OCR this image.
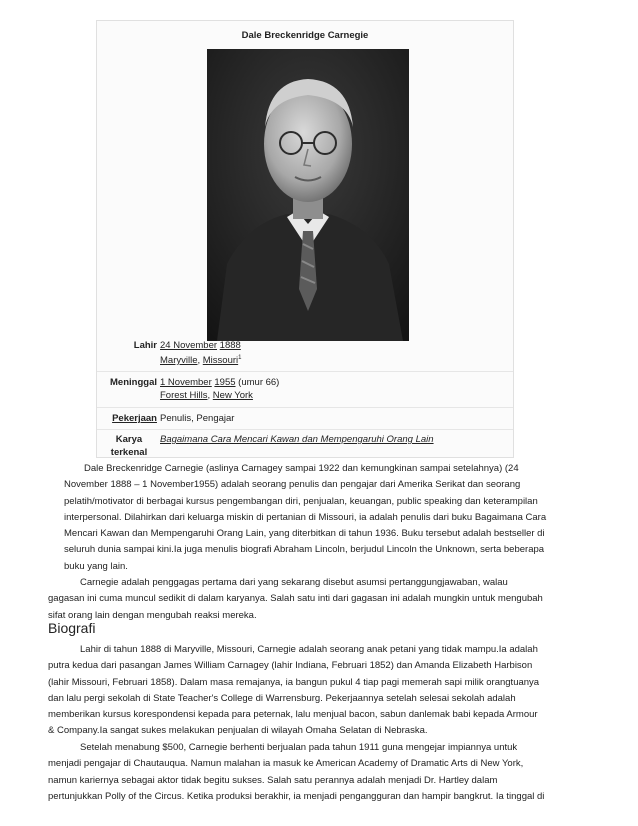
Dale Breckenridge Carnegie
Lahir 24 November 1888
Maryville, Missouri$^1$
Meninggal 1 November 1955 (umur 66)
Forest Hills, New York
Pekerjaan Penulis, Pengajar
Karya terkenal
Bagaimana Cara Mencari Kawan dan Mempengaruhi Orang Lain
Dale Breckenridge Carnegie (aslinya Carnagey sampai 1922 dan kemungkinan sampai setelahnya) (24
November 1888 – 1 November1955) adalah seorang penulis dan pengajar dari Amerika Serikat dan seorang
pelatih/motivator di berbagai kursus pengembangan diri, penjualan, keuangan, public speaking dan keterampilan
interpersonal. Dilahirkan dari keluarga miskin di pertanian di Missouri, ia adalah penulis dari buku Bagaimana Cara
Mencari Kawan dan Mempengaruhi Orang Lain, yang diterbitkan di tahun 1936. Buku tersebut adalah bestseller di
seluruh dunia sampai kini.Ia juga menulis biografi Abraham Lincoln, berjudul Lincoln the Unknown, serta beberapa
buku yang lain.
Carnegie adalah penggagas pertama dari yang sekarang disebut asumsi pertanggungjawaban, walau
gagasan ini cuma muncul sedikit di dalam karyanya. Salah satu inti dari gagasan ini adalah mungkin untuk mengubah
sifat orang lain dengan mengubah reaksi mereka.
Biografi
Lahir di tahun 1888 di Maryville, Missouri, Carnegie adalah seorang anak petani yang tidak mampu.Ia adalah
putra kedua dari pasangan James William Carnagey (lahir Indiana, Februari 1852) dan Amanda Elizabeth Harbison
(lahir Missouri, Februari 1858). Dalam masa remajanya, ia bangun pukul 4 tiap pagi memerah sapi milik orangtuanya
dan lalu pergi sekolah di State Teacher's College di Warrensburg. Pekerjaannya setelah selesai sekolah adalah
memberikan kursus korespondensi kepada para peternak, lalu menjual bacon, sabun danlemak babi kepada Armour
& Company.Ia sangat sukes melakukan penjualan di wilayah Omaha Selatan di Nebraska.
Setelah menabung $500, Carnegie berhenti berjualan pada tahun 1911 guna mengejar impiannya untuk
menjadi pengajar di Chautauqua. Namun malahan ia masuk ke American Academy of Dramatic Arts di New York,
namun kariernya sebagai aktor tidak begitu sukses. Salah satu perannya adalah menjadi Dr. Hartley dalam
pertunjukkan Polly of the Circus. Ketika produksi berakhir, ia menjadi pengangguran dan hampir bangkrut. Ia tinggal di
